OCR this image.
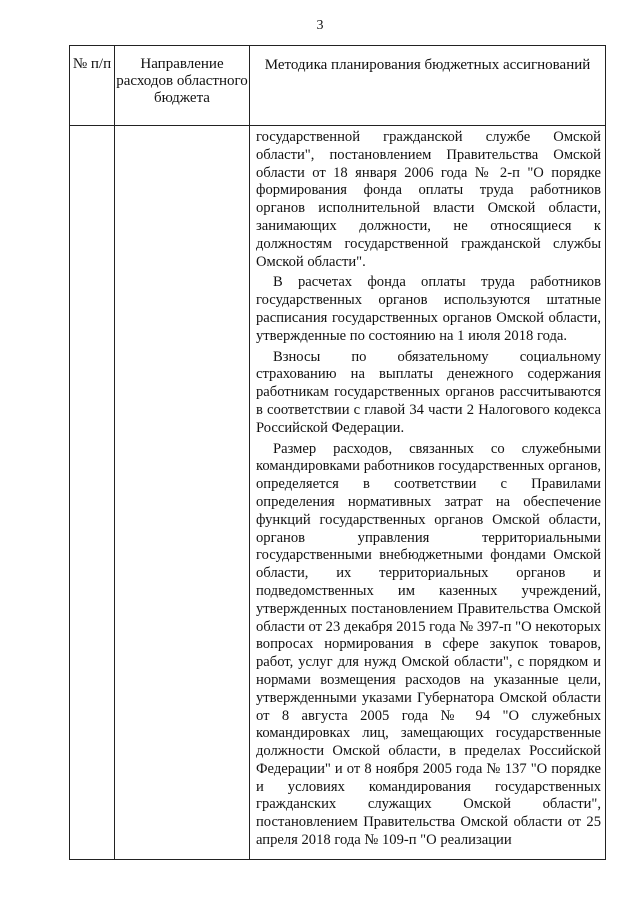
3
№ п/п	Направление расходов областного бюджета	Методика планирования бюджетных ассигнований

		государственной гражданской службе Омской области", постановлением Правительства Омской области от 18 января 2006 года № 2-п "О порядке формирования фонда оплаты труда работников органов исполнительной власти Омской области, занимающих должности, не относящиеся к должностям государственной гражданской службы Омской области".

В расчетах фонда оплаты труда работников государственных органов используются штатные расписания государственных органов Омской области, утвержденные по состоянию на 1 июля 2018 года.

Взносы по обязательному социальному страхованию на выплаты денежного содержания работникам государственных органов рассчитываются в соответствии с главой 34 части 2 Налогового кодекса Российской Федерации.

Размер расходов, связанных со служебными командировками работников государственных органов, определяется в соответствии с Правилами определения нормативных затрат на обеспечение функций государственных органов Омской области, органов управления территориальными государственными внебюджетными фондами Омской области, их территориальных органов и подведомственных им казенных учреждений, утвержденных постановлением Правительства Омской области от 23 декабря 2015 года № 397-п "О некоторых вопросах нормирования в сфере закупок товаров, работ, услуг для нужд Омской области", с порядком и нормами возмещения расходов на указанные цели, утвержденными указами Губернатора Омской области от 8 августа 2005 года № 94 "О служебных командировках лиц, замещающих государственные должности Омской области, в пределах Российской Федерации" и от 8 ноября 2005 года № 137 "О порядке и условиях командирования государственных гражданских служащих Омской области", постановлением Правительства Омской области от 25 апреля 2018 года № 109-п "О реализации
